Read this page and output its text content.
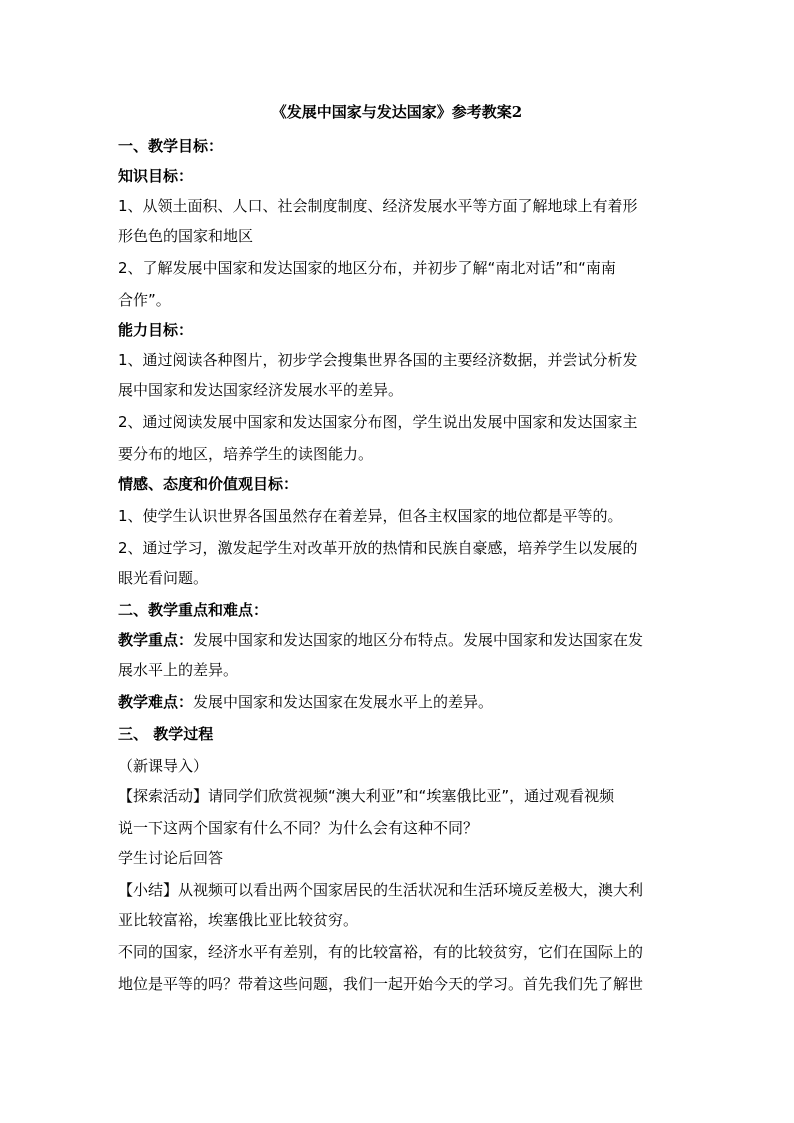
《发展中国家与发达国家》参考教案2
一、教学目标：
知识目标：
1、从领土面积、人口、社会制度制度、经济发展水平等方面了解地球上有着形
形色色的国家和地区
2、了解发展中国家和发达国家的地区分布，并初步了解“南北对话”和“南南
合作”。
能力目标：
1、通过阅读各种图片，初步学会搜集世界各国的主要经济数据，并尝试分析发
展中国家和发达国家经济发展水平的差异。
2、通过阅读发展中国家和发达国家分布图，学生说出发展中国家和发达国家主
要分布的地区，培养学生的读图能力。
情感、态度和价值观目标：
1、使学生认识世界各国虽然存在着差异，但各主权国家的地位都是平等的。
2、通过学习，激发起学生对改革开放的热情和民族自豪感，培养学生以发展的
眼光看问题。
二、教学重点和难点：
教学重点：发展中国家和发达国家的地区分布特点。发展中国家和发达国家在发
展水平上的差异。
教学难点：发展中国家和发达国家在发展水平上的差异。
三、 教学过程
（新课导入）
【探索活动】请同学们欣赏视频“澳大利亚”和“埃塞俄比亚”，通过观看视频
说一下这两个国家有什么不同？为什么会有这种不同？
学生讨论后回答
【小结】从视频可以看出两个国家居民的生活状况和生活环境反差极大，澳大利
亚比较富裕，埃塞俄比亚比较贫穷。
不同的国家，经济水平有差别，有的比较富裕，有的比较贫穷，它们在国际上的
地位是平等的吗？带着这些问题，我们一起开始今天的学习。首先我们先了解世
